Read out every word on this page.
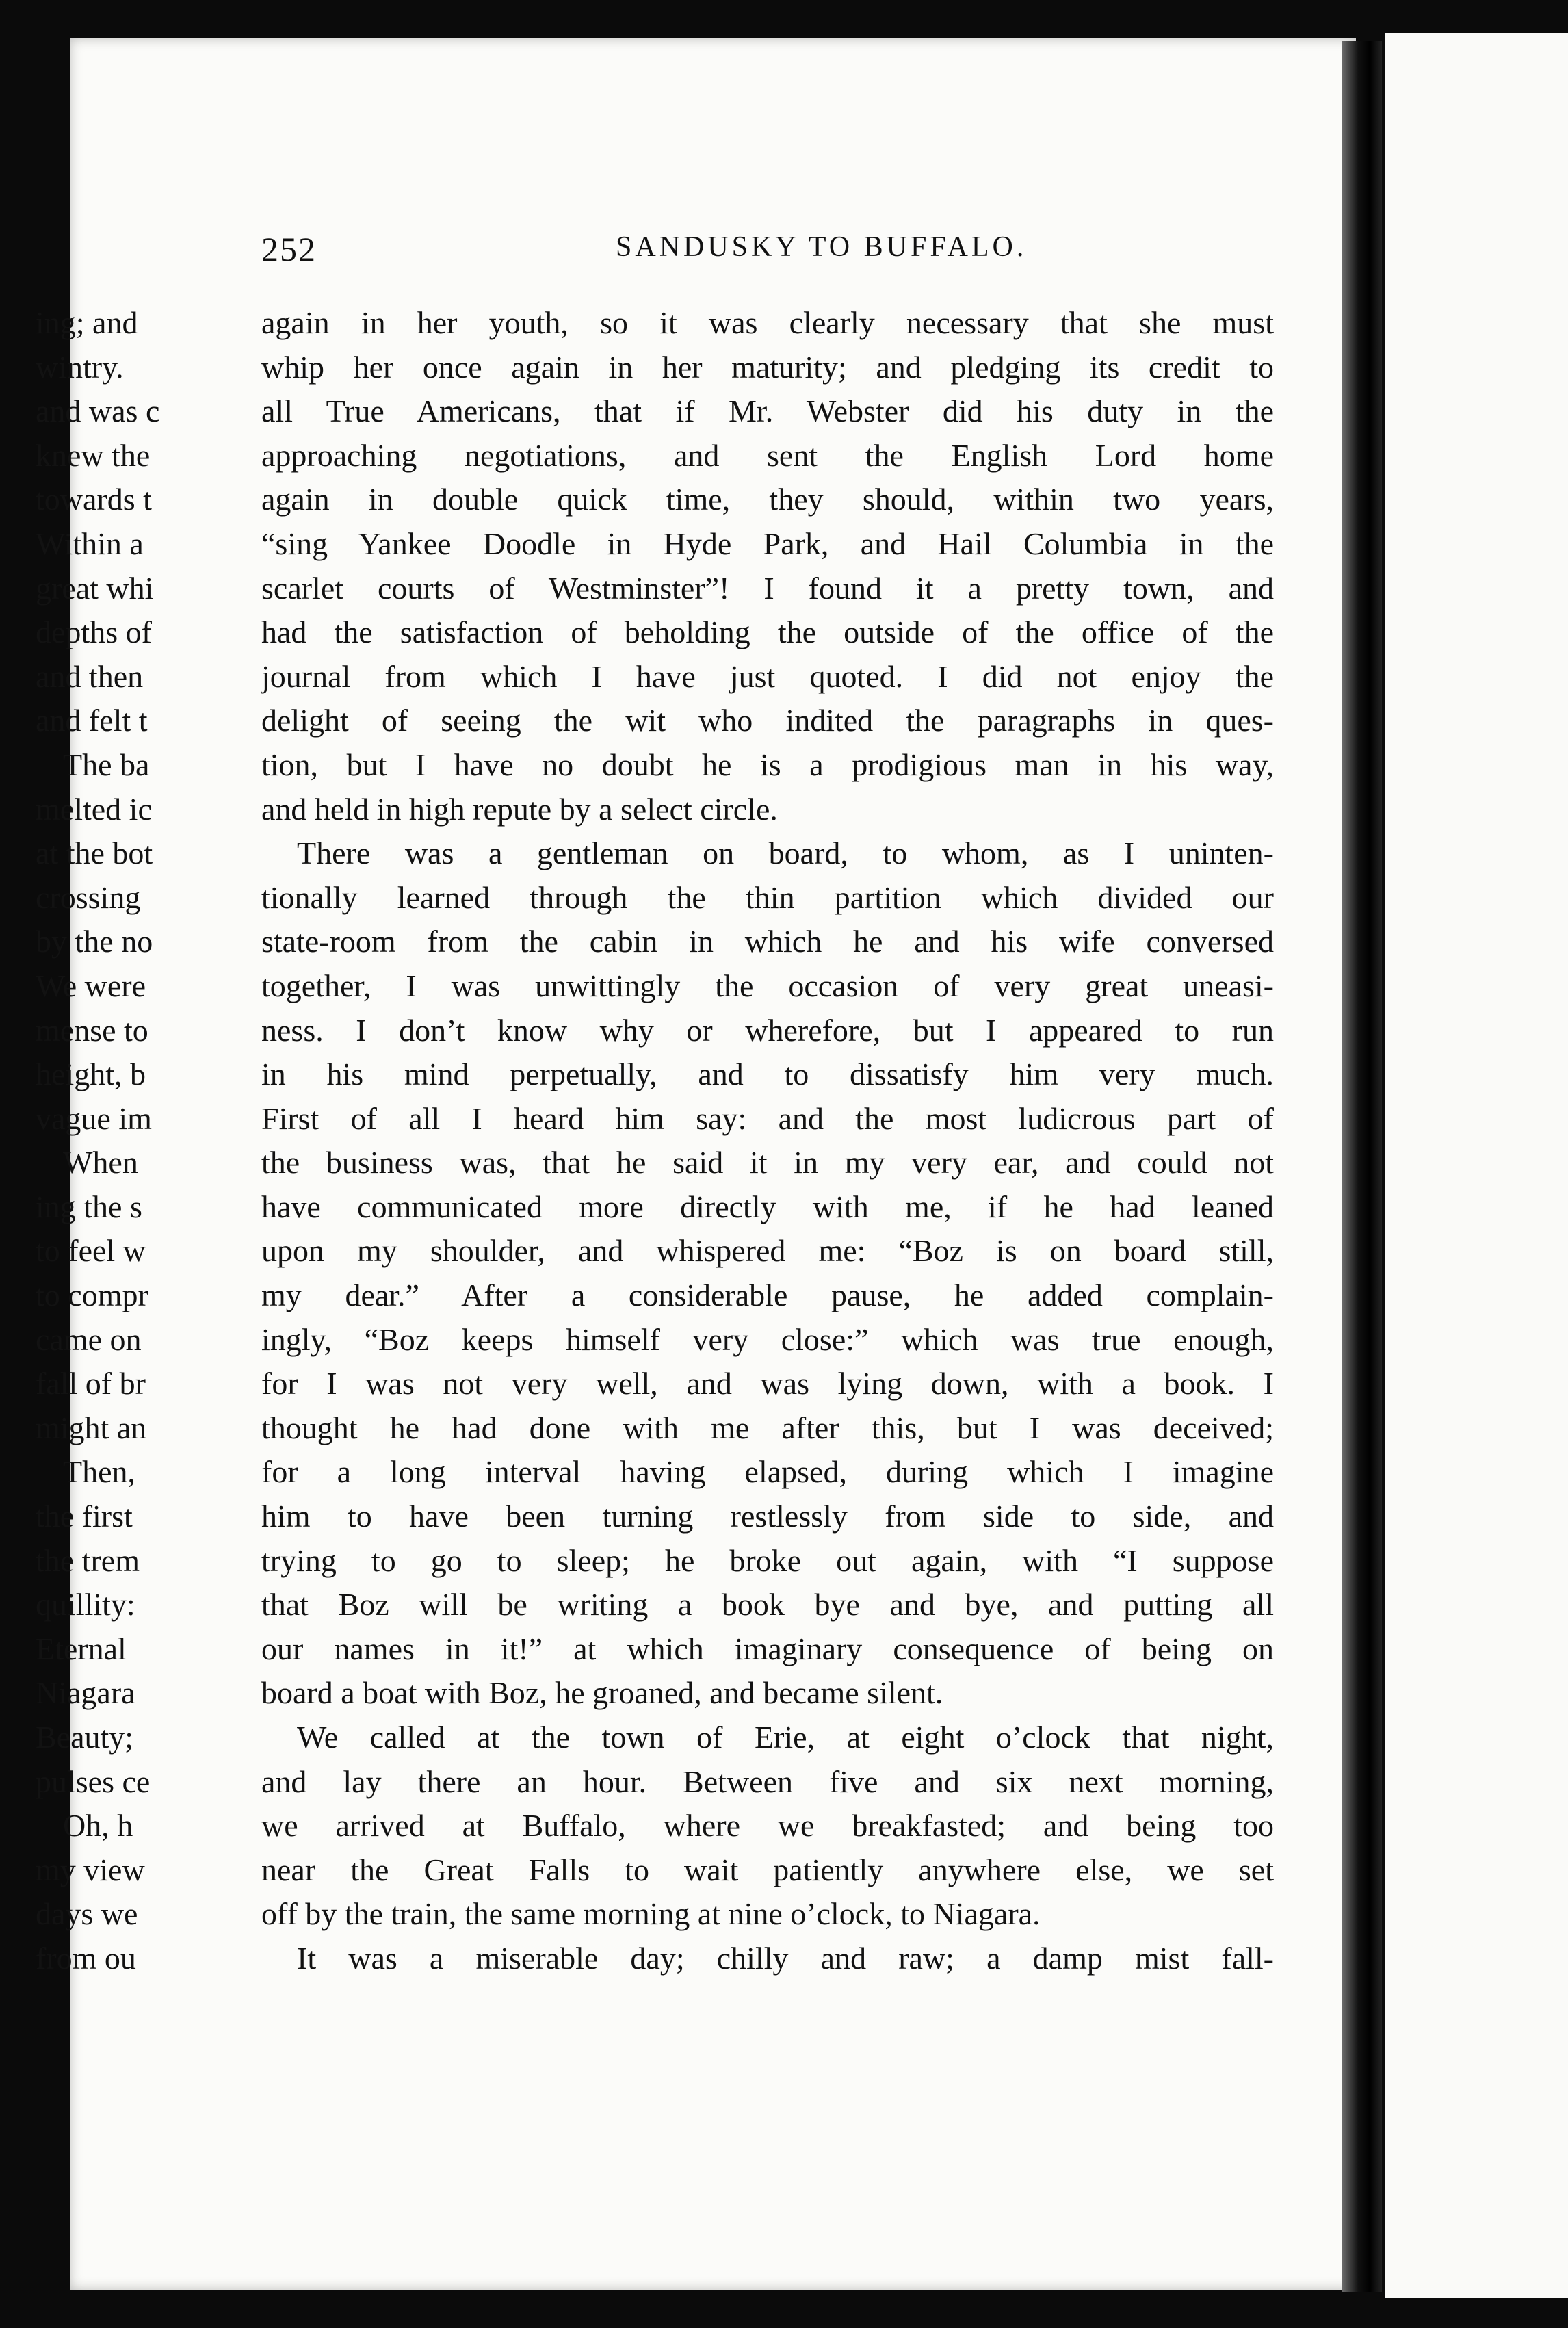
252	SANDUSKY TO BUFFALO.
again in her youth, so it was clearly necessary that she must
whip her once again in her maturity; and pledging its credit to
all True Americans, that if Mr. Webster did his duty in the
approaching negotiations, and sent the English Lord home
again in double quick time, they should, within two years,
“sing Yankee Doodle in Hyde Park, and Hail Columbia in the
scarlet courts of Westminster”! I found it a pretty town, and
had the satisfaction of beholding the outside of the office of the
journal from which I have just quoted. I did not enjoy the
delight of seeing the wit who indited the paragraphs in ques-
tion, but I have no doubt he is a prodigious man in his way,
and held in high repute by a select circle.
There was a gentleman on board, to whom, as I uninten-
tionally learned through the thin partition which divided our
state-room from the cabin in which he and his wife conversed
together, I was unwittingly the occasion of very great uneasi-
ness. I don’t know why or wherefore, but I appeared to run
in his mind perpetually, and to dissatisfy him very much.
First of all I heard him say: and the most ludicrous part of
the business was, that he said it in my very ear, and could not
have communicated more directly with me, if he had leaned
upon my shoulder, and whispered me: “Boz is on board still,
my dear.” After a considerable pause, he added complain-
ingly, “Boz keeps himself very close:” which was true enough,
for I was not very well, and was lying down, with a book. I
thought he had done with me after this, but I was deceived;
for a long interval having elapsed, during which I imagine
him to have been turning restlessly from side to side, and
trying to go to sleep; he broke out again, with “I suppose
that Boz will be writing a book bye and bye, and putting all
our names in it!” at which imaginary consequence of being on
board a boat with Boz, he groaned, and became silent.
We called at the town of Erie, at eight o’clock that night,
and lay there an hour. Between five and six next morning,
we arrived at Buffalo, where we breakfasted; and being too
near the Great Falls to wait patiently anywhere else, we set
off by the train, the same morning at nine o’clock, to Niagara.
It was a miserable day; chilly and raw; a damp mist fall-
ing; and
wintry.
and was c
knew the
towards t
Within a
great whi
depths of
and then
and felt t
The ba
melted ic
at the bot
crossing
by the no
We were
mense to
height, b
vague im
When
ing the s
to feel w
to compr
came on
fall of br
might an
Then,
the first
the trem
quillity:
Eternal
Niagara
Beauty;
pulses ce
Oh, h
my view
days we
from ou
